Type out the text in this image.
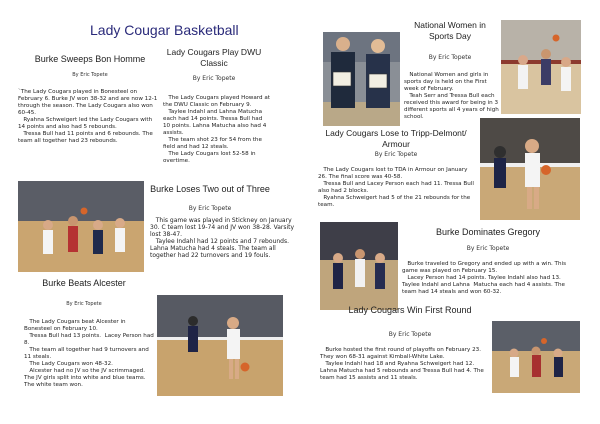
Lady Cougar Basketball
Burke Sweeps Bon Homme
By Eric Topete
`The Lady Cougars played in Bonesteel on February 6. Burke JV won 38-32 and are now 12-1 through the season. The Lady Cougars also won 60-45.
Ryahna Schweigert led the Lady Cougars with 14 points and also had 5 rebounds.
Tressa Bull had 11 points and 6 rebounds. The team all together had 23 rebounds.
Lady Cougars Play DWU Classic
By Eric Topete
The Lady Cougars played Howard at the DWU Classic on February 9.
Taylee Indahl and Lahna Matucha each had 14 points. Tressa Bull had 10 points. Lahna Matucha also had 4 assists.
The team shot 23 for 54 from the field and had 12 steals.
The Lady Cougars lost 52-58 in overtime.
National Women in Sports Day
By Eric Topete
National Women and girls in sports day is held on the First week of February.
Teah Serr and Tressa Bull each received this award for being in 3 different sports all 4 years of high school.
Lady Cougars Lose to Tripp-Delmont/ Armour
By Eric Topete
The Lady Cougars lost to TDA in Armour on January 26. The final score was 40-58.
Tressa Bull and Lacey Person each had 11. Tressa Bull also had 2 blocks.
Ryahna Schweigert had 5 of the 21 rebounds for the team.
Burke Loses Two out of Three
By Eric Topete
This game was played in Stickney on January 30. C team lost 19-74 and JV won 38-28. Varsity lost 38-47.
Taylee Indahl had 12 points and 7 rebounds. Lahna Matucha had 4 steals. The team all together had 22 turnovers and 19 fouls.
Burke Dominates Gregory
By Eric Topete
Burke traveled to Gregory and ended up with a win. This game was played on February 15.
Lacey Person had 14 points. Taylee Indahl also had 13.  Taylee Indahl and Lahna  Matucha each had 4 assists. The team had 14 steals and won 60-32.
Burke Beats Alcester
By Eric Topete
The Lady Cougars beat Alcester in Bonesteel on February 10.
Tressa Bull had 13 points.  Lacey Person had 8.
The team all together had 9 turnovers and 11 steals.
The Lady Cougars won 48-32.
Alcester had no JV so the JV scrimmaged. The JV girls split into white and blue teams. The white team won.
Lady Cougars Win First Round
By Eric Topete
Burke hosted the first round of playoffs on February 23.  They won 68-31 against Kimball-White Lake.
Taylee Indahl had 18 and Ryahna Schweigert had 12. Lahna Matucha had 5 rebounds and Tressa Bull had 4. The team had 15 assists and 11 steals.
